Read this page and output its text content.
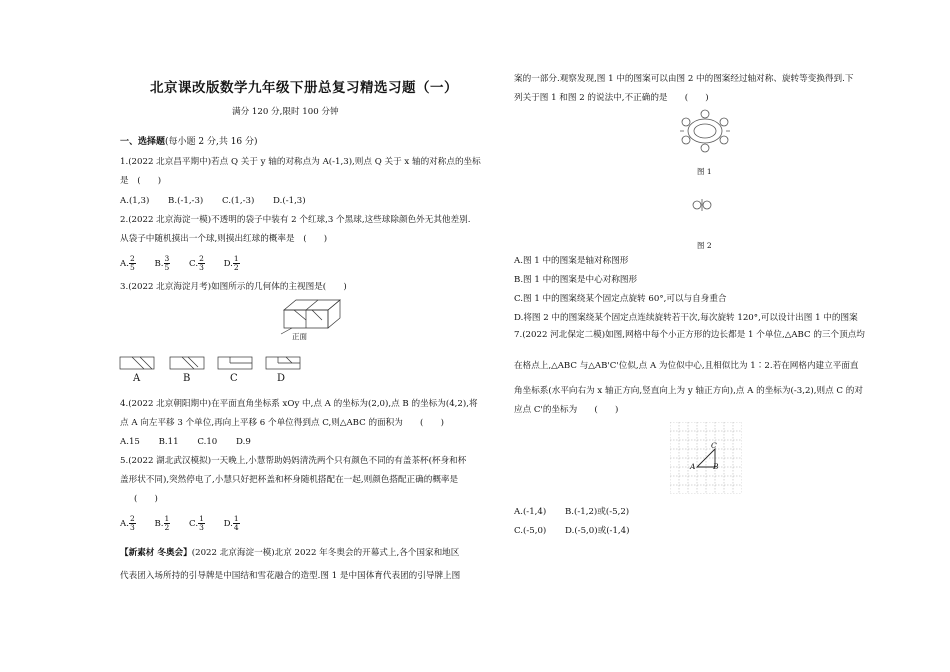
北京课改版数学九年级下册总复习精选习题（一）
满分 120 分,限时 100 分钟
一、选择题(每小题 2 分,共 16 分)
1.(2022 北京昌平期中)若点 Q 关于 y 轴的对称点为 A(-1,3),则点 Q 关于 x 轴的对称点的坐标
是　(　　)
A.(1,3) B.(-1,-3) C.(1,-3) D.(-1,3)
2.(2022 北京海淀一模)不透明的袋子中装有 2 个红球,3 个黑球,这些球除颜色外无其他差别.
从袋子中随机摸出一个球,则摸出红球的概率是　(　　)
A. $\frac{2}{5} B$. $\frac{3}{5} C$. $\frac{2}{3} D$. $\frac{1}{2}$
3.(2022 北京海淀月考)如图所示的几何体的主视图是(　　)
正面
A	B	C	D
4.(2022 北京朝阳期中)在平面直角坐标系 xOy 中,点 A 的坐标为(2,0),点 B 的坐标为(4,2),将
点 A 向左平移 3 个单位,再向上平移 6 个单位得到点 C,则△ABC 的面积为　　(　　)
A.15 B.11 C.10 D.9
5.(2022 湖北武汉模拟)一天晚上,小慧帮助妈妈清洗两个只有颜色不同的有盖茶杯(杯身和杯
盖形状不同),突然停电了,小慧只好把杯盖和杯身随机搭配在一起,则颜色搭配正确的概率是
(　　)
A. $\frac{2}{3} B$. $\frac{1}{2} C$. $\frac{1}{3} D$. $\frac{1}{4}$
【新素材 冬奥会】(2022 北京海淀一模)北京 2022 年冬奥会的开幕式上,各个国家和地区
代表团入场所持的引导牌是中国结和雪花融合的造型.图 1 是中国体育代表团的引导牌上图
案的一部分.观察发现,图 1 中的图案可以由图 2 中的图案经过轴对称、旋转等变换得到.下
列关于图 1 和图 2 的说法中,不正确的是　　(　　)
图 1
图 2
A.图 1 中的图案是轴对称图形
B.图 1 中的图案是中心对称图形
C.图 1 中的图案绕某个固定点旋转 60°,可以与自身重合
D.将图 2 中的图案绕某个固定点连续旋转若干次,每次旋转 120°,可以设计出图 1 中的图案
7.(2022 河北保定二模)如图,网格中每个小正方形的边长都是 1 个单位,△ABC 的三个顶点均
在格点上,△ABC 与△AB'C'位似,点 A 为位似中心,且相似比为 1∶2.若在网格内建立平面直
角坐标系(水平向右为 x 轴正方向,竖直向上为 y 轴正方向),点 A 的坐标为(-3,2),则点 C 的对
应点 C'的坐标为　　(　　)
A B
C
A.(-1,4) B.(-1,2)或(-5,2)
C.(-5,0) D.(-5,0)或(-1,4)
